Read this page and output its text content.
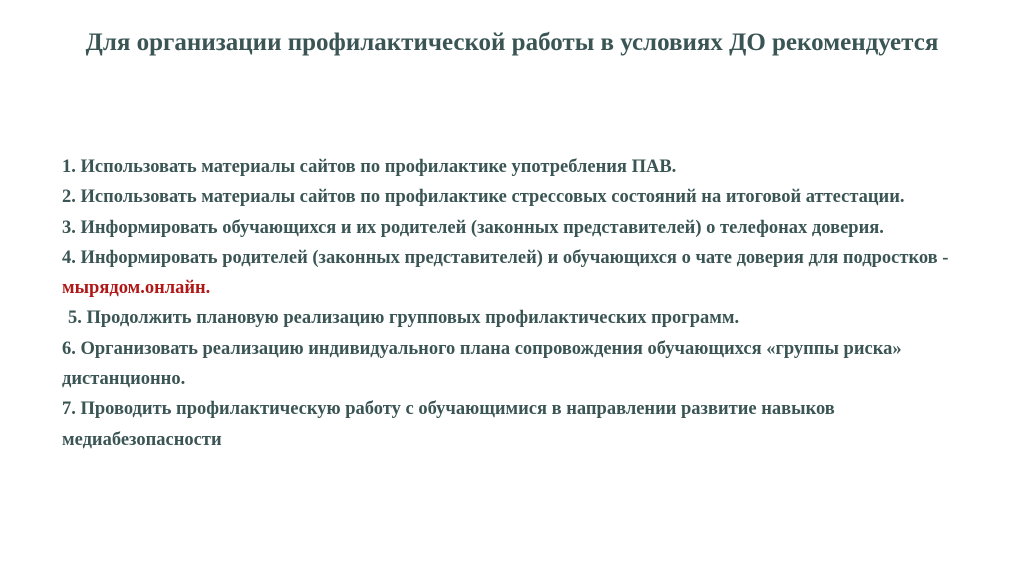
Для организации профилактической работы в условиях ДО рекомендуется
1. Использовать материалы сайтов по профилактике употребления ПАВ.
2. Использовать материалы сайтов по профилактике стрессовых состояний на итоговой аттестации.
3. Информировать обучающихся и их родителей (законных представителей) о телефонах доверия.
4. Информировать родителей (законных представителей) и обучающихся о чате доверия для подростков - мырядом.онлайн.
5. Продолжить плановую реализацию групповых профилактических программ.
6. Организовать реализацию индивидуального плана сопровождения обучающихся «группы риска» дистанционно.
7. Проводить профилактическую работу с обучающимися в направлении развитие навыков медиабезопасности
